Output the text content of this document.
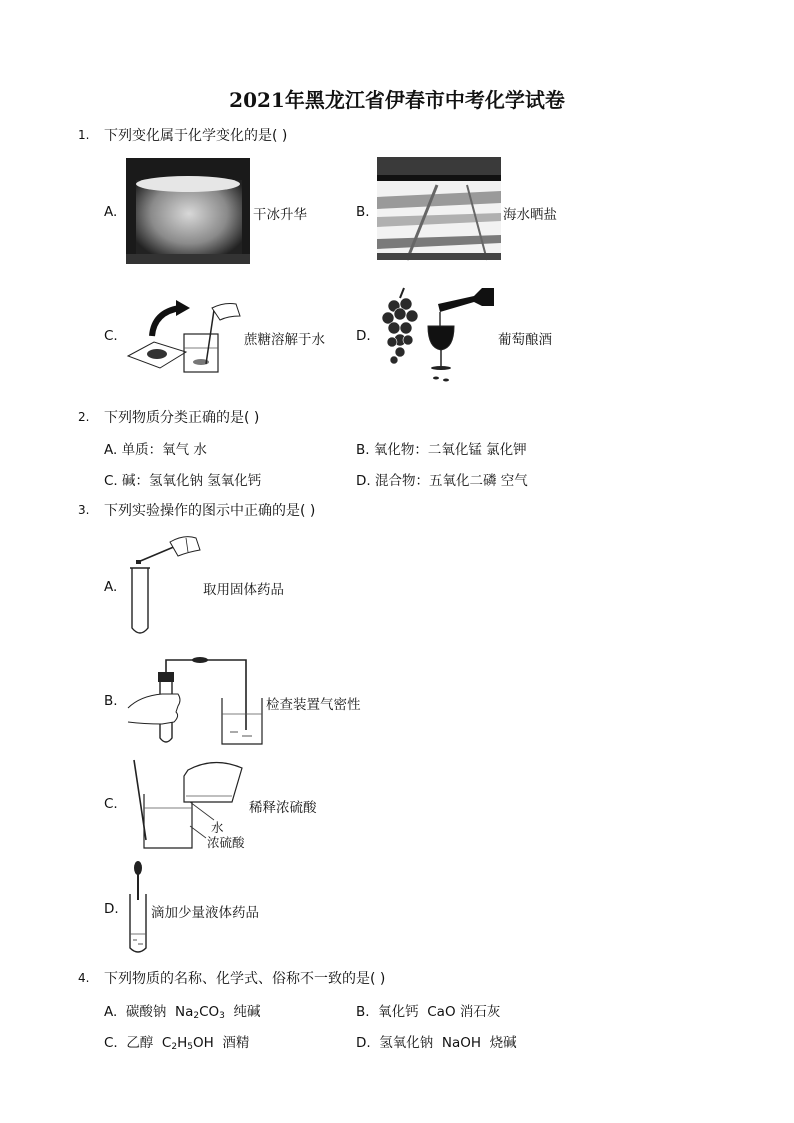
2021年黑龙江省伊春市中考化学试卷
1. 下列变化属于化学变化的是( )
A.	干冰升华	B.	海水晒盐
C.	蔗糖溶解于水 D.	葡萄酿酒
2. 下列物质分类正确的是( )
A. 单质：氧气 水	B. 氧化物：二氧化锰 氯化钾
C. 碱：氢氧化钠 氢氧化钙	D. 混合物：五氧化二磷 空气
3. 下列实验操作的图示中正确的是( )
A.	取用固体药品
B.	检查装置气密性
C.	稀释浓硫酸
水
浓硫酸
D. 滴加少量液体药品
4. 下列物质的名称、化学式、俗称不一致的是( )
A. 碳酸钠 $Na_2CO_3$ 纯碱	B. 氧化钙 CaO 消石灰
C. 乙醇 $C_2H_5OH$ 酒精	D. 氢氧化钠 NaOH 烧碱
